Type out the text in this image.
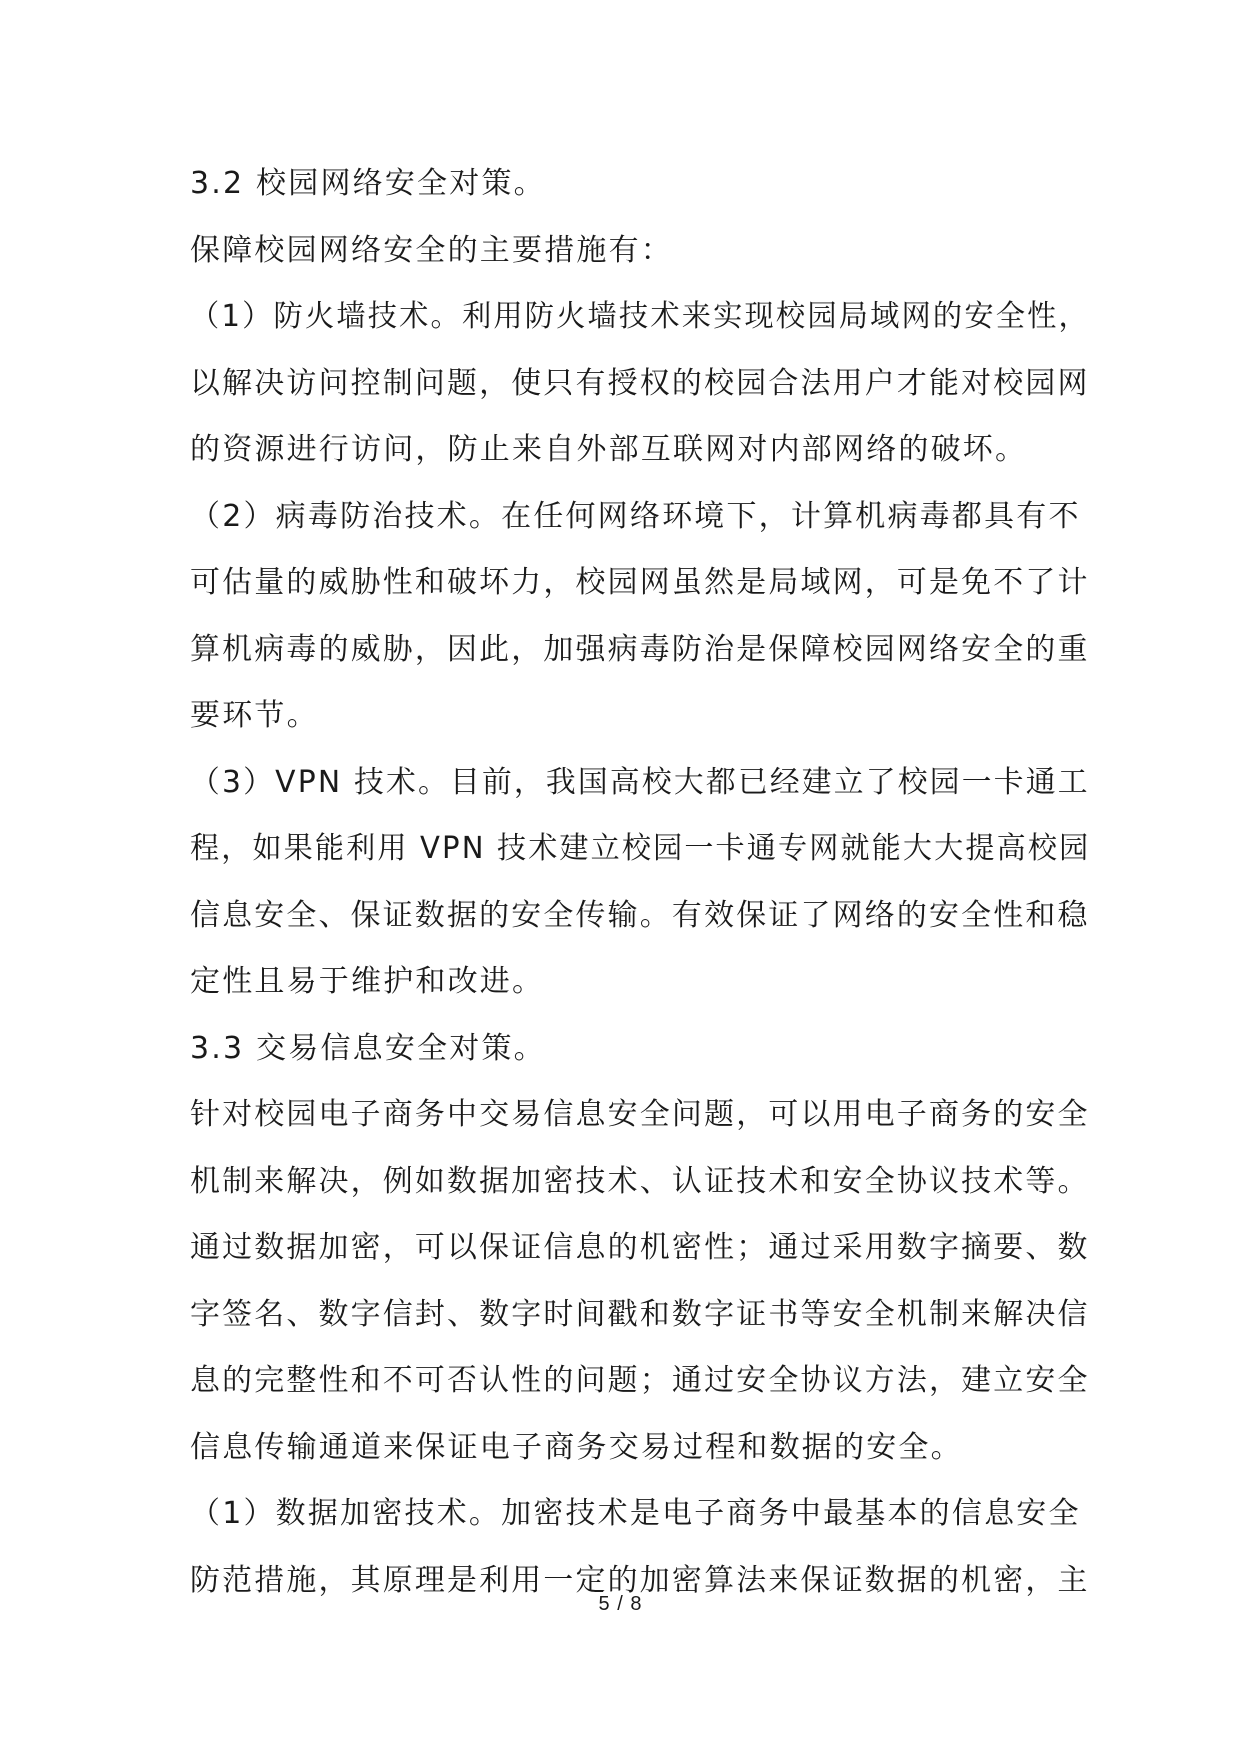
3.2 校园网络安全对策。
保障校园网络安全的主要措施有：
（1）防火墙技术。利用防火墙技术来实现校园局域网的安全性，
以解决访问控制问题，使只有授权的校园合法用户才能对校园网
的资源进行访问，防止来自外部互联网对内部网络的破坏。
（2）病毒防治技术。在任何网络环境下，计算机病毒都具有不
可估量的威胁性和破坏力，校园网虽然是局域网，可是免不了计
算机病毒的威胁，因此，加强病毒防治是保障校园网络安全的重
要环节。
（3）VPN 技术。目前，我国高校大都已经建立了校园一卡通工
程，如果能利用 VPN 技术建立校园一卡通专网就能大大提高校园
信息安全、保证数据的安全传输。有效保证了网络的安全性和稳
定性且易于维护和改进。
3.3 交易信息安全对策。
针对校园电子商务中交易信息安全问题，可以用电子商务的安全
机制来解决，例如数据加密技术、认证技术和安全协议技术等。
通过数据加密，可以保证信息的机密性；通过采用数字摘要、数
字签名、数字信封、数字时间戳和数字证书等安全机制来解决信
息的完整性和不可否认性的问题；通过安全协议方法，建立安全
信息传输通道来保证电子商务交易过程和数据的安全。
（1）数据加密技术。加密技术是电子商务中最基本的信息安全
防范措施，其原理是利用一定的加密算法来保证数据的机密，主
5 / 8
